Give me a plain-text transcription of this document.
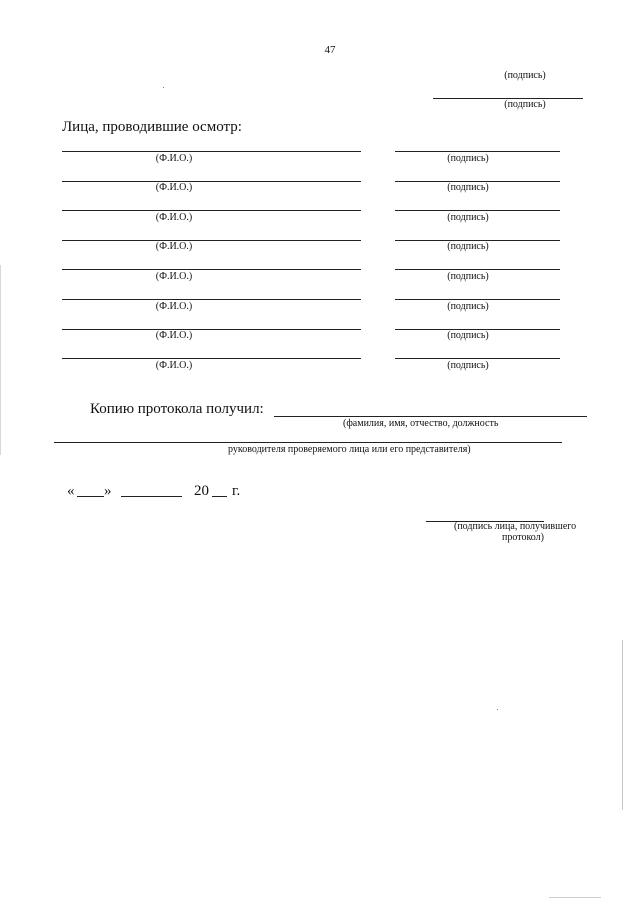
47
(подпись)
(подпись)
Лица, проводившие осмотр:
(Ф.И.О.)	(подпись)
(Ф.И.О.)	(подпись)
(Ф.И.О.)	(подпись)
(Ф.И.О.)	(подпись)
(Ф.И.О.)	(подпись)
(Ф.И.О.)	(подпись)
(Ф.И.О.)	(подпись)
(Ф.И.О.)	(подпись)
Копию протокола получил:
(фамилия, имя, отчество, должность
руководителя проверяемого лица или его представителя)
« »	20 г.
(подпись лица, получившего
протокол)
